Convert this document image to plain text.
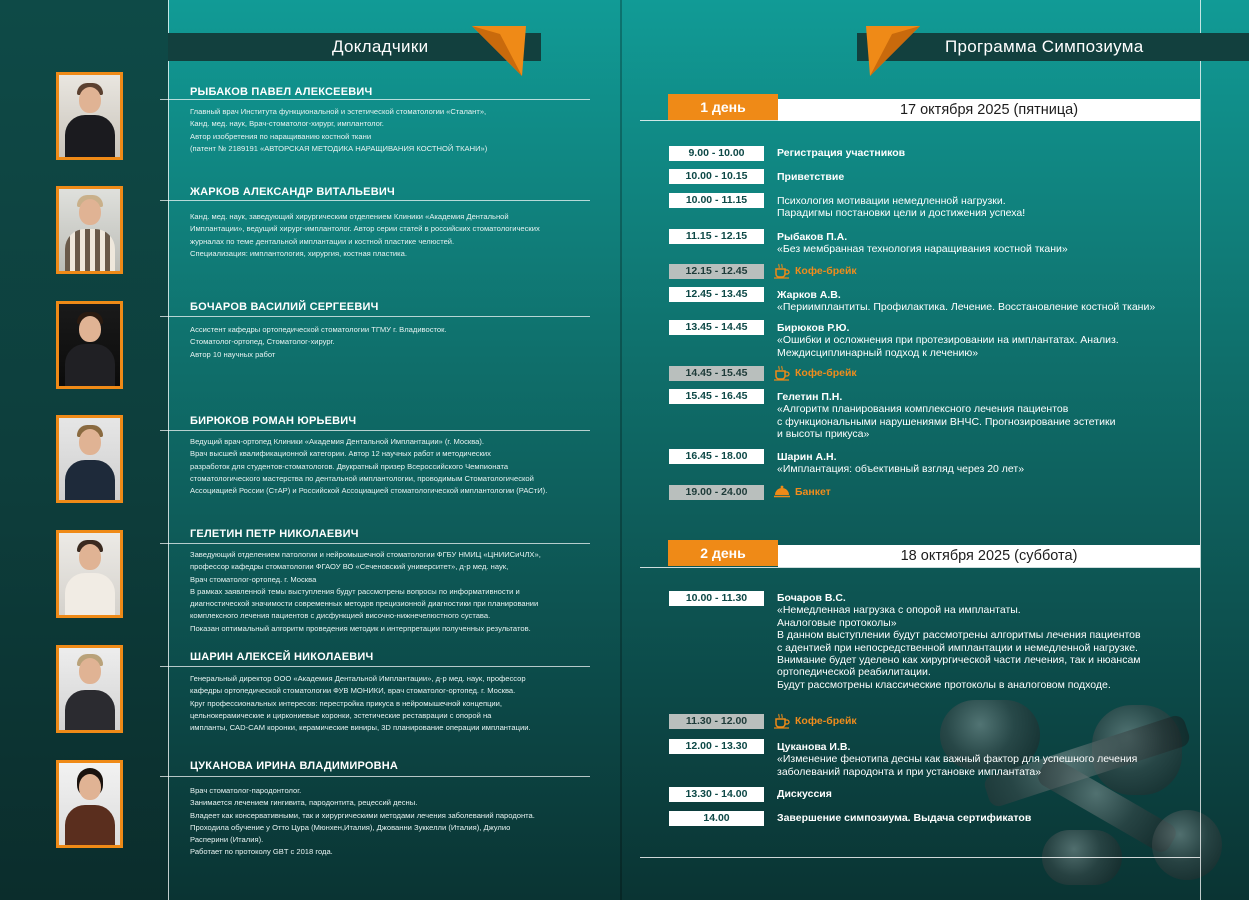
Докладчики	Программа Симпозиума
РЫБАКОВ ПАВЕЛ АЛЕКСЕЕВИЧ
Главный врач Института функциональной и эстетической стоматологии «Сталант»,
Канд. мед. наук, Врач-стоматолог-хирург, имплантолог.
Автор изобретения по наращиванию костной ткани
(патент № 2189191 «АВТОРСКАЯ МЕТОДИКА НАРАЩИВАНИЯ КОСТНОЙ ТКАНИ»)
ЖАРКОВ АЛЕКСАНДР ВИТАЛЬЕВИЧ
Канд. мед. наук, заведующий хирургическим отделением Клиники «Академия Дентальной
Имплантации», ведущий хирург-имплантолог. Автор серии статей в российских стоматологических
журналах по теме дентальной имплантации и костной пластике челюстей.
Специализация: имплантология, хирургия, костная пластика.
БОЧАРОВ ВАСИЛИЙ СЕРГЕЕВИЧ
Ассистент кафедры ортопедической стоматологии ТГМУ г. Владивосток.
Стоматолог-ортопед, Стоматолог-хирург.
Автор 10 научных работ
БИРЮКОВ РОМАН ЮРЬЕВИЧ
Ведущий врач-ортопед Клиники «Академия Дентальной Имплантации» (г. Москва).
Врач высшей квалификационной категории. Автор 12 научных работ и методических
разработок для студентов-стоматологов. Двукратный призер Всероссийского Чемпионата
стоматологического мастерства по дентальной имплантологии, проводимым Стоматологической
Ассоциацией России (СтАР) и Российской Ассоциацией стоматологической имплантологии (РАСтИ).
ГЕЛЕТИН ПЕТР НИКОЛАЕВИЧ
Заведующий отделением патологии и нейромышечной стоматологии ФГБУ НМИЦ «ЦНИИСиЧЛХ»,
профессор кафедры стоматологии ФГАОУ ВО «Сеченовский университет», д-р мед. наук,
Врач стоматолог-ортопед. г. Москва
В рамках заявленной темы выступления будут рассмотрены вопросы по информативности и
диагностической значимости современных методов прецизионной диагностики при планировании
комплексного лечения пациентов с дисфункцией височно-нижнечелюстного сустава.
Показан оптимальный алгоритм проведения методик и интерпретации полученных результатов.
ШАРИН АЛЕКСЕЙ НИКОЛАЕВИЧ
Генеральный директор ООО «Академия Дентальной Имплантации», д-р мед. наук, профессор
кафедры ортопедической стоматологии ФУВ МОНИКИ, врач стоматолог-ортопед. г. Москва.
Круг профессиональных интересов: перестройка прикуса в нейромышечной концепции,
цельнокерамические и циркониевые коронки, эстетические реставрации с опорой на
импланты, CAD-CAM коронки, керамические виниры, 3D планирование операции имплантации.
ЦУКАНОВА ИРИНА ВЛАДИМИРОВНА
Врач стоматолог-пародонтолог.
Занимается лечением гингивита, пародонтита, рецессий десны.
Владеет как консервативными, так и хирургическими методами лечения заболеваний пародонта.
Проходила обучение у Отто Цура (Мюнхен,Италия), Джованни Зуккелли (Италия), Джулио
Расперини (Италия).
Работает по протоколу GBT с 2018 года.
1 день	17 октября 2025 (пятница)
9.00 - 10.00	Регистрация участников
10.00 - 10.15	Приветствие
10.00 - 11.15	Психология мотивации немедленной нагрузки.
Парадигмы постановки цели и достижения успеха!
11.15 - 12.15	Рыбаков П.А.
«Без мембранная технология наращивания костной ткани»
12.15 - 12.45	Кофе-брейк
12.45 - 13.45	Жарков А.В.
«Периимплантиты. Профилактика. Лечение. Восстановление костной ткани»
13.45 - 14.45	Бирюков Р.Ю.
«Ошибки и осложнения при протезировании на имплантатах. Анализ.
Междисциплинарный подход к лечению»
14.45 - 15.45	Кофе-брейк
15.45 - 16.45	Гелетин П.Н.
«Алгоритм планирования комплексного лечения пациентов
с функциональными нарушениями ВНЧС. Прогнозирование эстетики
и высоты прикуса»
16.45 - 18.00	Шарин А.Н.
«Имплантация: объективный взгляд через 20 лет»
19.00 - 24.00	Банкет
2 день	18 октября 2025 (суббота)
10.00 - 11.30	Бочаров В.С.
«Немедленная нагрузка с опорой на имплантаты.
Аналоговые протоколы»
В данном выступлении будут рассмотрены алгоритмы лечения пациентов
с адентией при непосредственной имплантации и немедленной нагрузке.
Внимание будет уделено как хирургической части лечения, так и нюансам
ортопедической реабилитации.
Будут рассмотрены классические протоколы в аналоговом подходе.
11.30 - 12.00	Кофе-брейк
12.00 - 13.30	Цуканова И.В.
«Изменение фенотипа десны как важный фактор для успешного лечения
заболеваний пародонта и при установке имплантата»
13.30 - 14.00	Дискуссия
14.00	Завершение симпозиума. Выдача сертификатов
